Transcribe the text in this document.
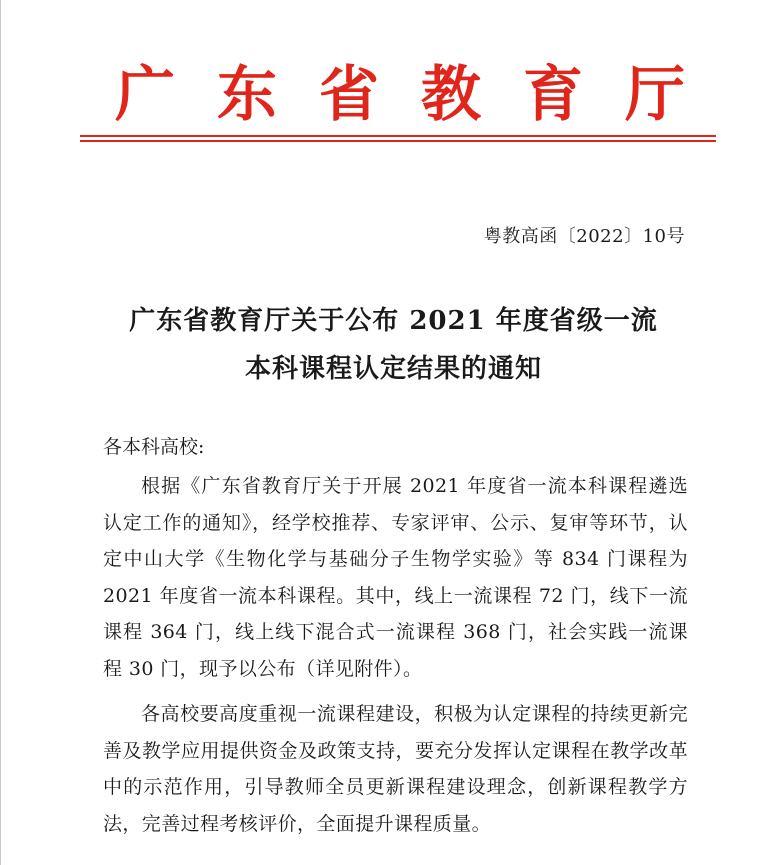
广 东 省 教 育 厅
粤教高函〔2022〕10号
广东省教育厅关于公布 2021 年度省级一流
本科课程认定结果的通知
各本科高校:

根据《广东省教育厅关于开展 2021 年度省一流本科课程遴选认定工作的通知》，经学校推荐、专家评审、公示、复审等环节，认定中山大学《生物化学与基础分子生物学实验》等 834 门课程为 2021 年度省一流本科课程。其中，线上一流课程 72 门，线下一流课程 364 门，线上线下混合式一流课程 368 门，社会实践一流课程 30 门，现予以公布（详见附件）。

各高校要高度重视一流课程建设，积极为认定课程的持续更新完善及教学应用提供资金及政策支持，要充分发挥认定课程在教学改革中的示范作用，引导教师全员更新课程建设理念，创新课程教学方法，完善过程考核评价，全面提升课程质量。
